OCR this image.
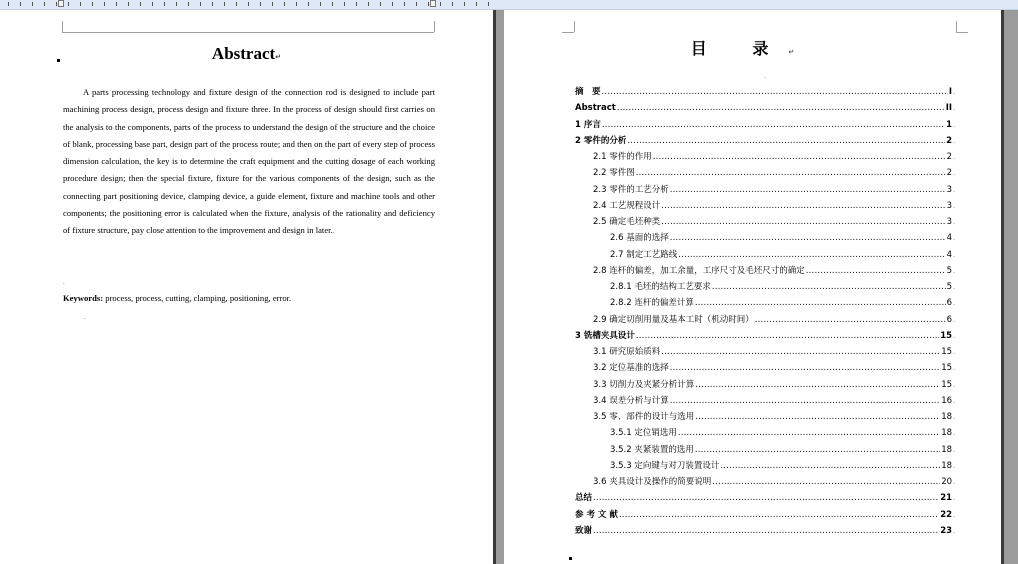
Abstract↵

A parts processing technology and fixture design of the connection rod is designed to include part machining process design, process design and fixture three. In the process of design should first carries on the analysis to the components, parts of the process to understand the design of the structure and the choice of blank, processing base part, design part of the process route; and then on the part of every step of process dimension calculation, the key is to determine the craft equipment and the cutting dosage of each working procedure design; then the special fixture, fixture for the various components of the design, such as the connecting part positioning device, clamping device, a guide element, fixture and machine tools and other components; the positioning error is calculated when the fixture, analysis of the rationality and deficiency of fixture structure, pay close attention to the improvement and design in later..

.

Keywords: process, process, cutting, clamping, positioning, error.

.
目 录↵
.
摘　要 .....	I .
Abstract .....	II .
1 序言 .....	1 .
2 零件的分析 .....	2 .
2.1 零件的作用 .....	2 .
2.2 零件图 .....	2 .
2.3 零件的工艺分析 .....	3 .
2.4 工艺规程设计 .....	3 .
2.5 确定毛坯种类 .....	3 .
2.6 基面的选择 .....	4 .
2.7 制定工艺路线 .....	4 .
2.8 连杆的偏差，加工余量，工序尺寸及毛坯尺寸的确定 .....	5 .
2.8.1 毛坯的结构工艺要求 .....	5 .
2.8.2 连杆的偏差计算 .....	6 .
2.9 确定切削用量及基本工时（机动时间） .....	6 .
3 铣槽夹具设计 .....	15 .
3.1 研究原始质料 .....	15 .
3.2 定位基准的选择 .....	15 .
3.3 切削力及夹紧分析计算 .....	15 .
3.4 误差分析与计算 .....	16 .
3.5 零、部件的设计与选用 .....	18 .
3.5.1 定位销选用 .....	18 .
3.5.2 夹紧装置的选用 .....	18 .
3.5.3 定向键与对刀装置设计 .....	18 .
3.6 夹具设计及操作的简要说明 .....	20 .
总结 .....	21 .
参 考 文 献 .....	22 .
致谢 .....	23 .
